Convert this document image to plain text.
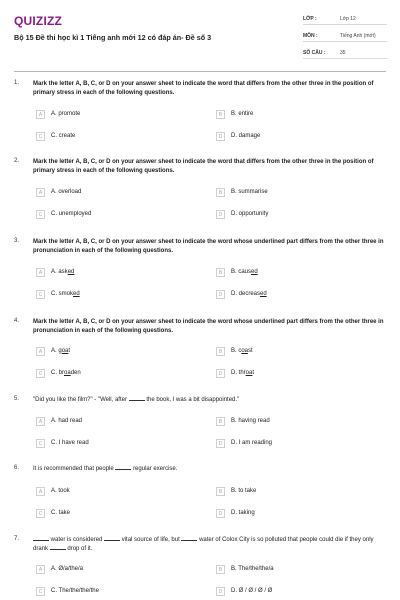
QUIZIZZ
Bộ 15 Đề thi học kì 1 Tiếng anh mới 12 có đáp án- Đề số 3
LỚP :	Lớp 12
MÔN :	Tiếng Anh (mới)
SỐ CÂU :	35
1. Mark the letter A, B, C, or D on your answer sheet to indicate the word that differs from the other three in the position of primary stress in each of the following questions.
A	A. promote	B	B. entire
C	C. create	D	D. damage
2. Mark the letter A, B, C, or D on your answer sheet to indicate the word that differs from the other three in the position of primary stress in each of the following questions.
A	A. overload	B	B. summarise
C	C. unemployed	D	D. opportunity
3. Mark the letter A, B, C, or D on your answer sheet to indicate the word whose underlined part differs from the other three in pronunciation in each of the following questions.
A	A. asked	B	B. caused
C	C. smoked	D	D. decreased
4. Mark the letter A, B, C, or D on your answer sheet to indicate the word whose underlined part differs from the other three in pronunciation in each of the following questions.
A	A. goat	B	B. coast
C	C. broaden	D	D. throat
5. "Did you like the film?" - "Well, after	the book, I was a bit disappointed."
A	A. had read	B	B. having read
C	C. I have read	D	D. I am reading
6. It is recommended that people	regular exercise.
A	A. took	B	B. to take
C	C. take	D	D. taking
7.	water is considered	vital source of life, but	water of Colox City is so polluted that people could die if they only drank	drop of it.
A	A. Ø/a/the/a	B	B. The/the/the/a
C	C. The/the/the/the	D	D. Ø / Ø / Ø / Ø
